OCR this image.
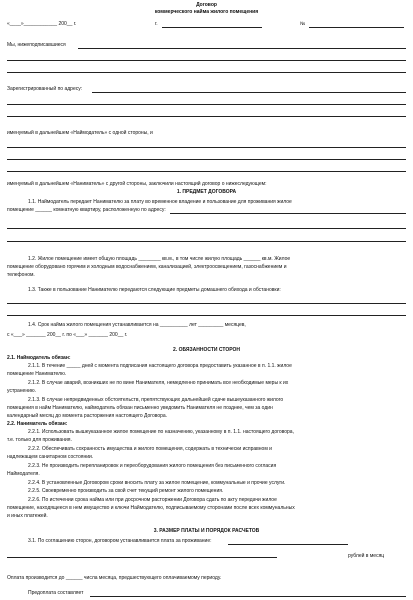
Договор
коммерческого найма жилого помещения
«____»____________ 200__ г.	г.	№
Мы, нижеподписавшиеся
Зарегистрированный по адресу:
именуемый в дальнейшем «Наймодатель» с одной стороны, и
именуемый в дальнейшем «Наниматель» с другой стороны, заключили настоящий договор о нижеследующем:
1. ПРЕДМЕТ ДОГОВОРА
1.1. Наймодатель передает Нанимателю за плату во временное владение и пользование для проживания жилое
помещение ______ комнатную квартиру, расположенную по адресу:
1.2. Жилое помещение имеет общую площадь ________ кв.м., в том числе жилую площадь ______ кв.м. Жилое
помещение оборудовано горячим и холодным водоснабжением, канализацией, электроосвещением, газоснабжением и
телефоном.
1.3. Также в пользование Нанимателю передаются следующие предметы домашнего обихода и обстановки:
1.4. Срок найма жилого помещения устанавливается на __________ лет _________ месяцев,
с «___» _______ 200__ г. по «___» _______ 200__ г.
2. ОБЯЗАННОСТИ СТОРОН
2.1. Наймодатель обязан:
2.1.1. В течение _____ дней с момента подписания настоящего договора предоставить указанное в п. 1.1. жилое
помещение Нанимателю.
2.1.2. В случае аварий, возникших не по вине Нанимателя, немедленно принимать все необходимые меры к их
устранению.
2.1.3. В случае непредвиденных обстоятельств, препятствующих дальнейшей сдаче вышеуказанного жилого
помещения в найм Нанимателю, наймодатель обязан письменно уведомить Нанимателя не позднее, чем за один
календарный месяц до момента расторжения настоящего Договора.
2.2. Наниматель обязан:
2.2.1. Использовать вышеуказанное жилое помещение по назначению, указанному в п. 1.1. настоящего договора,
т.е. только для проживания.
2.2.2. Обеспечивать сохранность имущества и жилого помещения, содержать в технически исправном и
надлежащем санитарном состоянии.
2.2.3. Не производить перепланировок и переоборудования жилого помещения без письменного согласия
Наймодателя.
2.2.4. В установленные Договором сроки вносить плату за жилое помещение, коммунальные и прочие услуги.
2.2.5. Своевременно производить за свой счет текущий ремонт жилого помещения.
2.2.6. По истечении срока найма или при досрочном расторжении Договора сдать по акту передачи жилое
помещение, находящееся в нем имущество и ключи Наймодателю, подписываемому сторонами после всех коммунальных
и иных платежей.
3. РАЗМЕР ПЛАТЫ И ПОРЯДОК РАСЧЕТОВ
3.1. По соглашению сторон, договором устанавливается плата за проживание:
рублей в месяц
Оплата производится до ______ числа месяца, предшествующего оплачиваемому периоду.
Предоплата составляет
